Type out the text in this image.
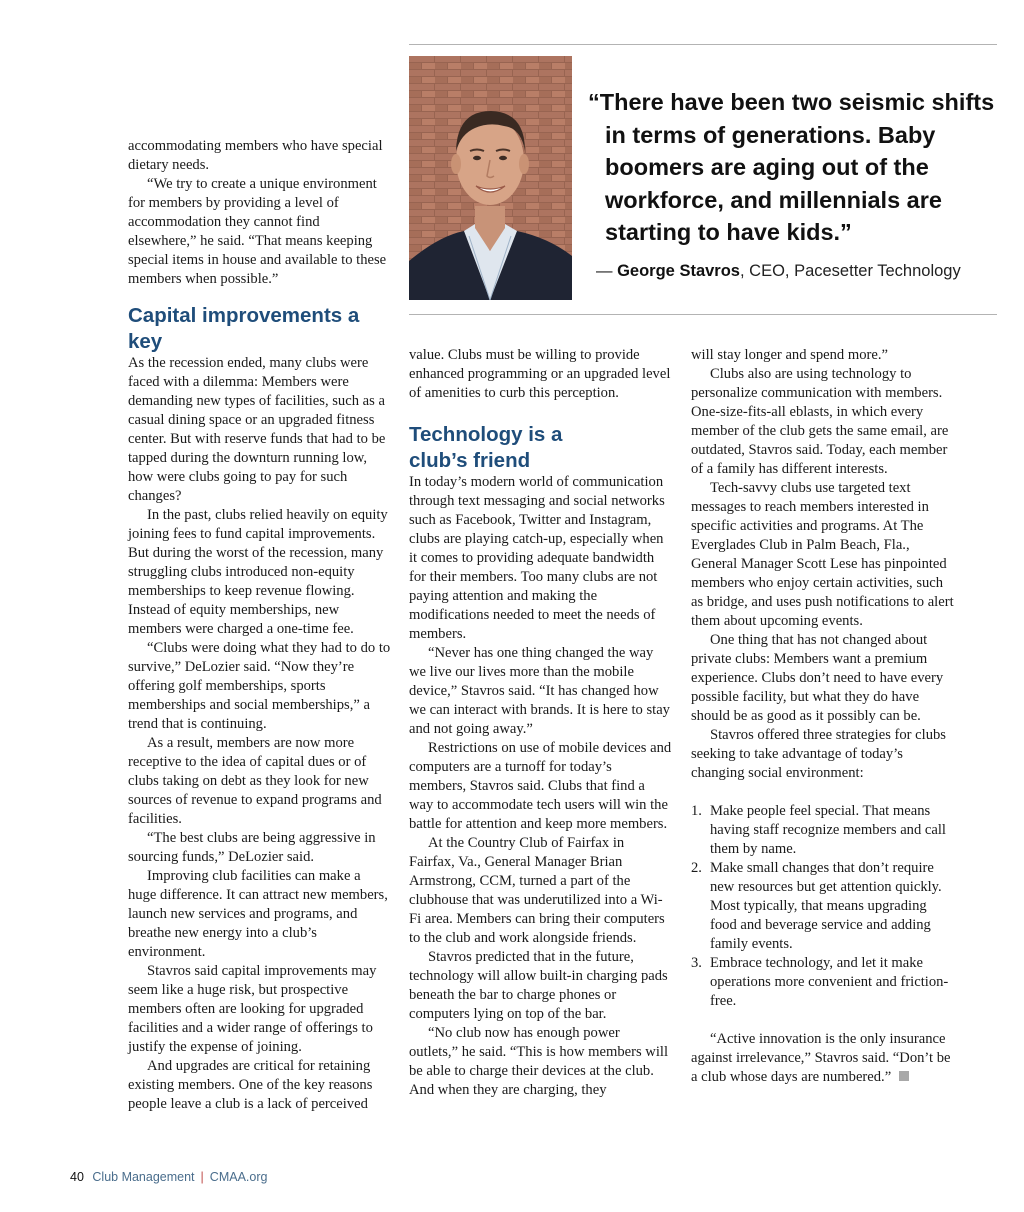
“There have been two seismic shifts in terms of generations. Baby boomers are aging out of the workforce, and millennials are starting to have kids.”
— George Stavros, CEO, Pacesetter Technology

accommodating members who have special dietary needs.

“We try to create a unique environment for members by providing a level of accommodation they cannot find elsewhere,” he said. “That means keeping special items in house and available to these members when possible.”

Capital improvements a key

As the recession ended, many clubs were faced with a dilemma: Members were demanding new types of facilities, such as a casual dining space or an upgraded fitness center. But with reserve funds that had to be tapped during the downturn running low, how were clubs going to pay for such changes?

In the past, clubs relied heavily on equity joining fees to fund capital improvements. But during the worst of the recession, many struggling clubs introduced non-equity memberships to keep revenue flowing. Instead of equity memberships, new members were charged a one-time fee.

“Clubs were doing what they had to do to survive,” DeLozier said. “Now they’re offering golf memberships, sports memberships and social memberships,” a trend that is continuing.

As a result, members are now more receptive to the idea of capital dues or of clubs taking on debt as they look for new sources of revenue to expand programs and facilities.

“The best clubs are being aggressive in sourcing funds,” DeLozier said.

Improving club facilities can make a huge difference. It can attract new members, launch new services and programs, and breathe new energy into a club’s environment.

Stavros said capital improvements may seem like a huge risk, but prospective members often are looking for upgraded facilities and a wider range of offerings to justify the expense of joining.

And upgrades are critical for retaining existing members. One of the key reasons people leave a club is a lack of perceived

value. Clubs must be willing to provide enhanced programming or an upgraded level of amenities to curb this perception.

Technology is a club’s friend

In today’s modern world of communication through text messaging and social networks such as Facebook, Twitter and Instagram, clubs are playing catch-up, especially when it comes to providing adequate bandwidth for their members. Too many clubs are not paying attention and making the modifications needed to meet the needs of members.

“Never has one thing changed the way we live our lives more than the mobile device,” Stavros said. “It has changed how we can interact with brands. It is here to stay and not going away.”

Restrictions on use of mobile devices and computers are a turnoff for today’s members, Stavros said. Clubs that find a way to accommodate tech users will win the battle for attention and keep more members.

At the Country Club of Fairfax in Fairfax, Va., General Manager Brian Armstrong, CCM, turned a part of the clubhouse that was underutilized into a Wi-Fi area. Members can bring their computers to the club and work alongside friends.

Stavros predicted that in the future, technology will allow built-in charging pads beneath the bar to charge phones or computers lying on top of the bar.

“No club now has enough power outlets,” he said. “This is how members will be able to charge their devices at the club. And when they are charging, they

will stay longer and spend more.”

Clubs also are using technology to personalize communication with members. One-size-fits-all eblasts, in which every member of the club gets the same email, are outdated, Stavros said. Today, each member of a family has different interests.

Tech-savvy clubs use targeted text messages to reach members interested in specific activities and programs. At The Everglades Club in Palm Beach, Fla., General Manager Scott Lese has pinpointed members who enjoy certain activities, such as bridge, and uses push notifications to alert them about upcoming events.

One thing that has not changed about private clubs: Members want a premium experience. Clubs don’t need to have every possible facility, but what they do have should be as good as it possibly can be.

Stavros offered three strategies for clubs seeking to take advantage of today’s changing social environment:

1. Make people feel special. That means having staff recognize members and call them by name.
2. Make small changes that don’t require new resources but get attention quickly. Most typically, that means upgrading food and beverage service and adding family events.
3. Embrace technology, and let it make operations more convenient and friction-free.

“Active innovation is the only insurance against irrelevance,” Stavros said. “Don’t be a club whose days are numbered.”

40 Club Management | CMAA.org
